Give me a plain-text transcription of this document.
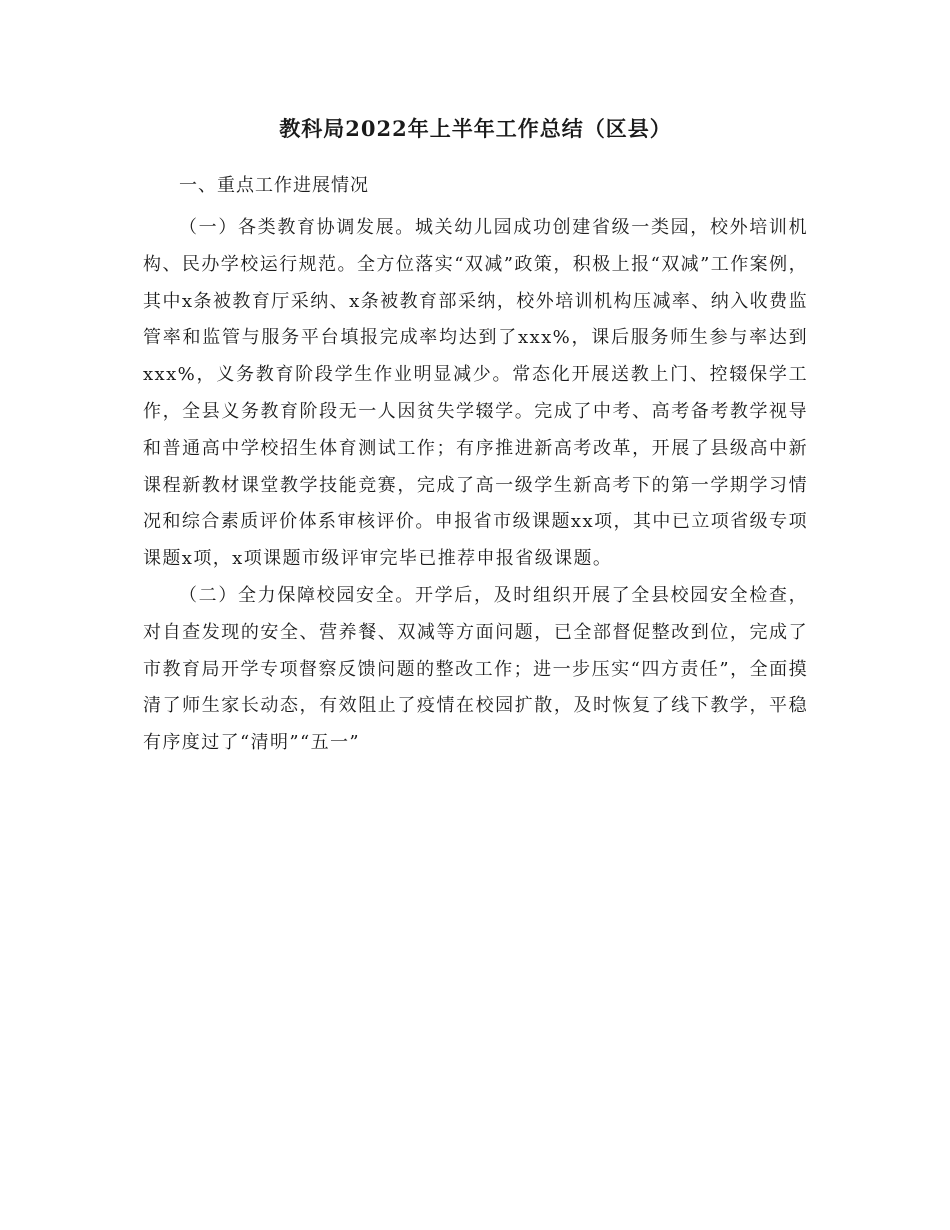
教科局2022年上半年工作总结（区县）

一、重点工作进展情况

（一）各类教育协调发展。城关幼儿园成功创建省级一类园，校外培训机构、民办学校运行规范。全方位落实“双减”政策，积极上报“双减”工作案例，其中x条被教育厅采纳、x条被教育部采纳，校外培训机构压减率、纳入收费监管率和监管与服务平台填报完成率均达到了xxx%，课后服务师生参与率达到xxx%，义务教育阶段学生作业明显减少。常态化开展送教上门、控辍保学工作，全县义务教育阶段无一人因贫失学辍学。完成了中考、高考备考教学视导和普通高中学校招生体育测试工作；有序推进新高考改革，开展了县级高中新课程新教材课堂教学技能竞赛，完成了高一级学生新高考下的第一学期学习情况和综合素质评价体系审核评价。申报省市级课题xx项，其中已立项省级专项课题x项，x项课题市级评审完毕已推荐申报省级课题。

（二）全力保障校园安全。开学后，及时组织开展了全县校园安全检查，对自查发现的安全、营养餐、双减等方面问题，已全部督促整改到位，完成了市教育局开学专项督察反馈问题的整改工作；进一步压实“四方责任”，全面摸清了师生家长动态，有效阻止了疫情在校园扩散，及时恢复了线下教学，平稳有序度过了“清明”“五一”
